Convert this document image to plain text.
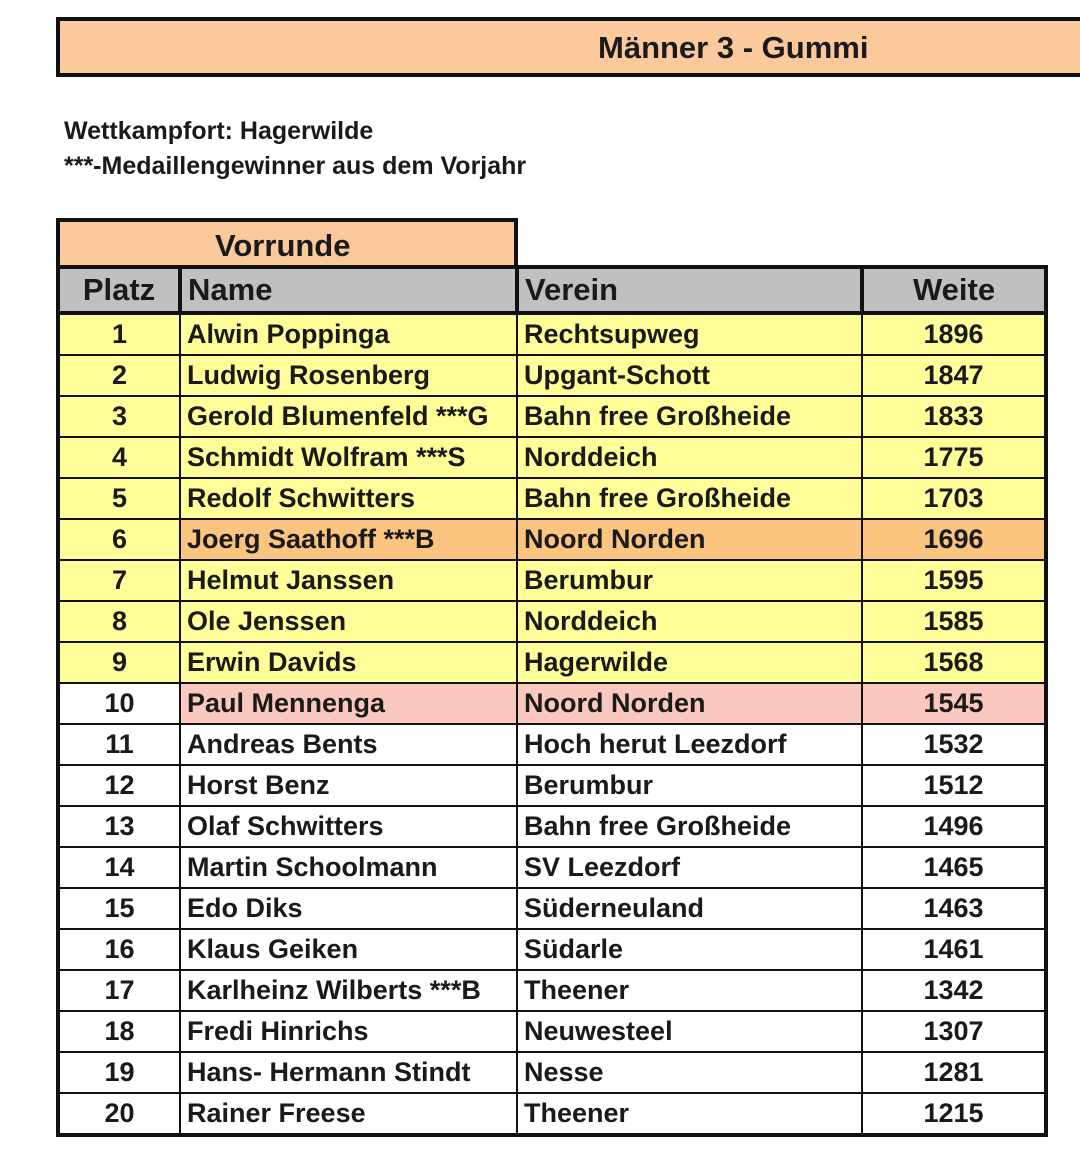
Männer 3 - Gummi
Wettkampfort: Hagerwilde
***-Medaillengewinner aus dem Vorjahr
Vorrunde
Platz	Name	Verein	Weite
1	Alwin Poppinga	Rechtsupweg	1896
2	Ludwig Rosenberg	Upgant-Schott	1847
3	Gerold Blumenfeld ***G	Bahn free Großheide	1833
4	Schmidt Wolfram ***S	Norddeich	1775
5	Redolf Schwitters	Bahn free Großheide	1703
6	Joerg Saathoff ***B	Noord Norden	1696
7	Helmut Janssen	Berumbur	1595
8	Ole Jenssen	Norddeich	1585
9	Erwin Davids	Hagerwilde	1568
10	Paul Mennenga	Noord Norden	1545
11	Andreas Bents	Hoch herut Leezdorf	1532
12	Horst Benz	Berumbur	1512
13	Olaf Schwitters	Bahn free Großheide	1496
14	Martin Schoolmann	SV Leezdorf	1465
15	Edo Diks	Süderneuland	1463
16	Klaus Geiken	Südarle	1461
17	Karlheinz Wilberts ***B	Theener	1342
18	Fredi Hinrichs	Neuwesteel	1307
19	Hans- Hermann Stindt	Nesse	1281
20	Rainer Freese	Theener	1215
